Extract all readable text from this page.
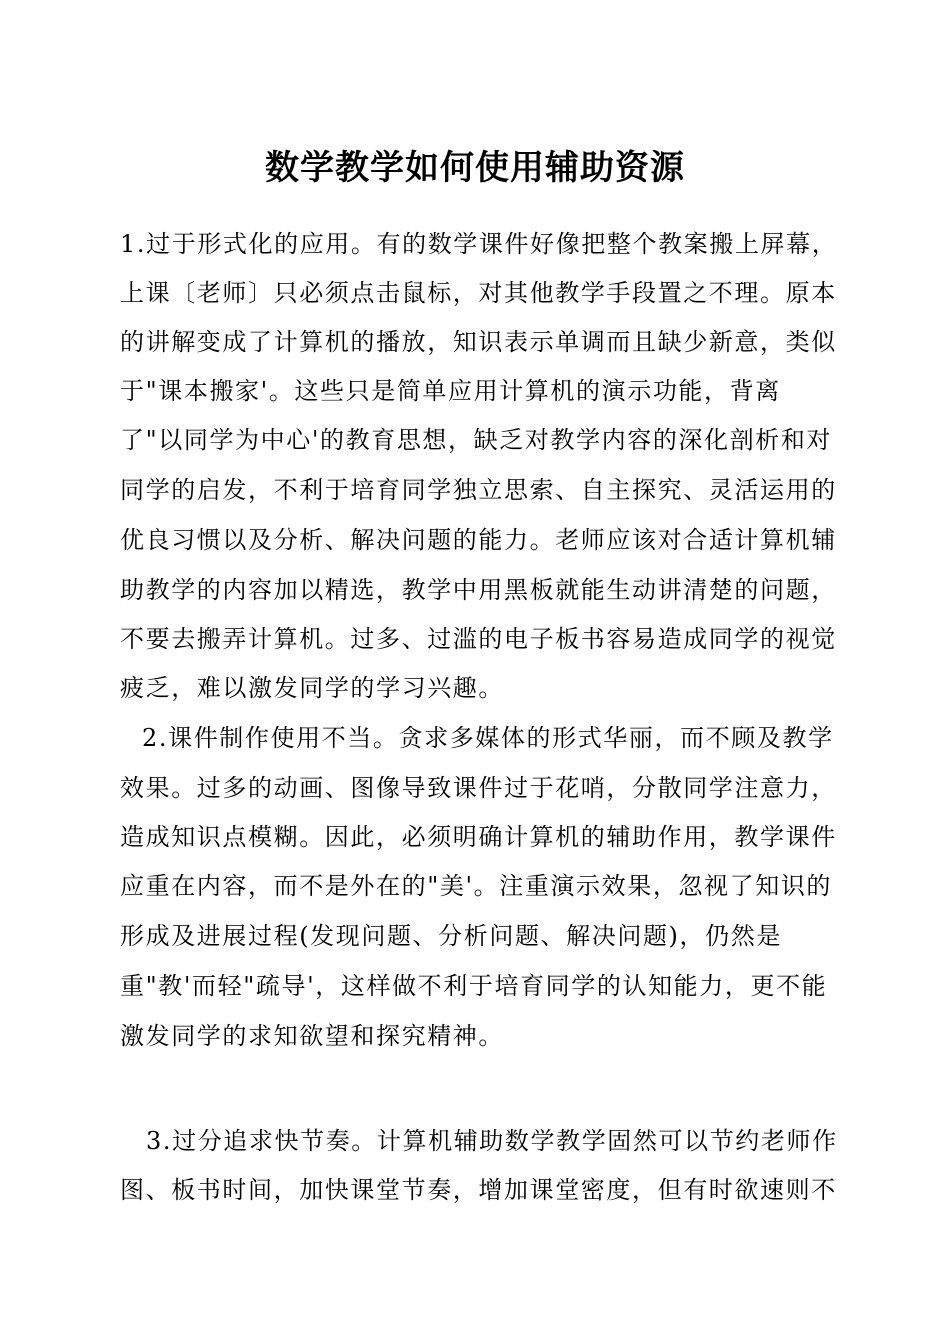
数学教学如何使用辅助资源
1.过于形式化的应用。有的数学课件好像把整个教案搬上屏幕，
上课〔老师〕只必须点击鼠标，对其他教学手段置之不理。原本
的讲解变成了计算机的播放，知识表示单调而且缺少新意，类似
于"课本搬家'。这些只是简单应用计算机的演示功能，背离
了"以同学为中心'的教育思想，缺乏对教学内容的深化剖析和对
同学的启发，不利于培育同学独立思索、自主探究、灵活运用的
优良习惯以及分析、解决问题的能力。老师应该对合适计算机辅
助教学的内容加以精选，教学中用黑板就能生动讲清楚的问题，
不要去搬弄计算机。过多、过滥的电子板书容易造成同学的视觉
疲乏，难以激发同学的学习兴趣。
2.课件制作使用不当。贪求多媒体的形式华丽，而不顾及教学
效果。过多的动画、图像导致课件过于花哨，分散同学注意力，
造成知识点模糊。因此，必须明确计算机的辅助作用，教学课件
应重在内容，而不是外在的"美'。注重演示效果，忽视了知识的
形成及进展过程(发现问题、分析问题、解决问题)，仍然是
重"教'而轻"疏导'，这样做不利于培育同学的认知能力，更不能
激发同学的求知欲望和探究精神。
3.过分追求快节奏。计算机辅助数学教学固然可以节约老师作
图、板书时间，加快课堂节奏，增加课堂密度，但有时欲速则不
